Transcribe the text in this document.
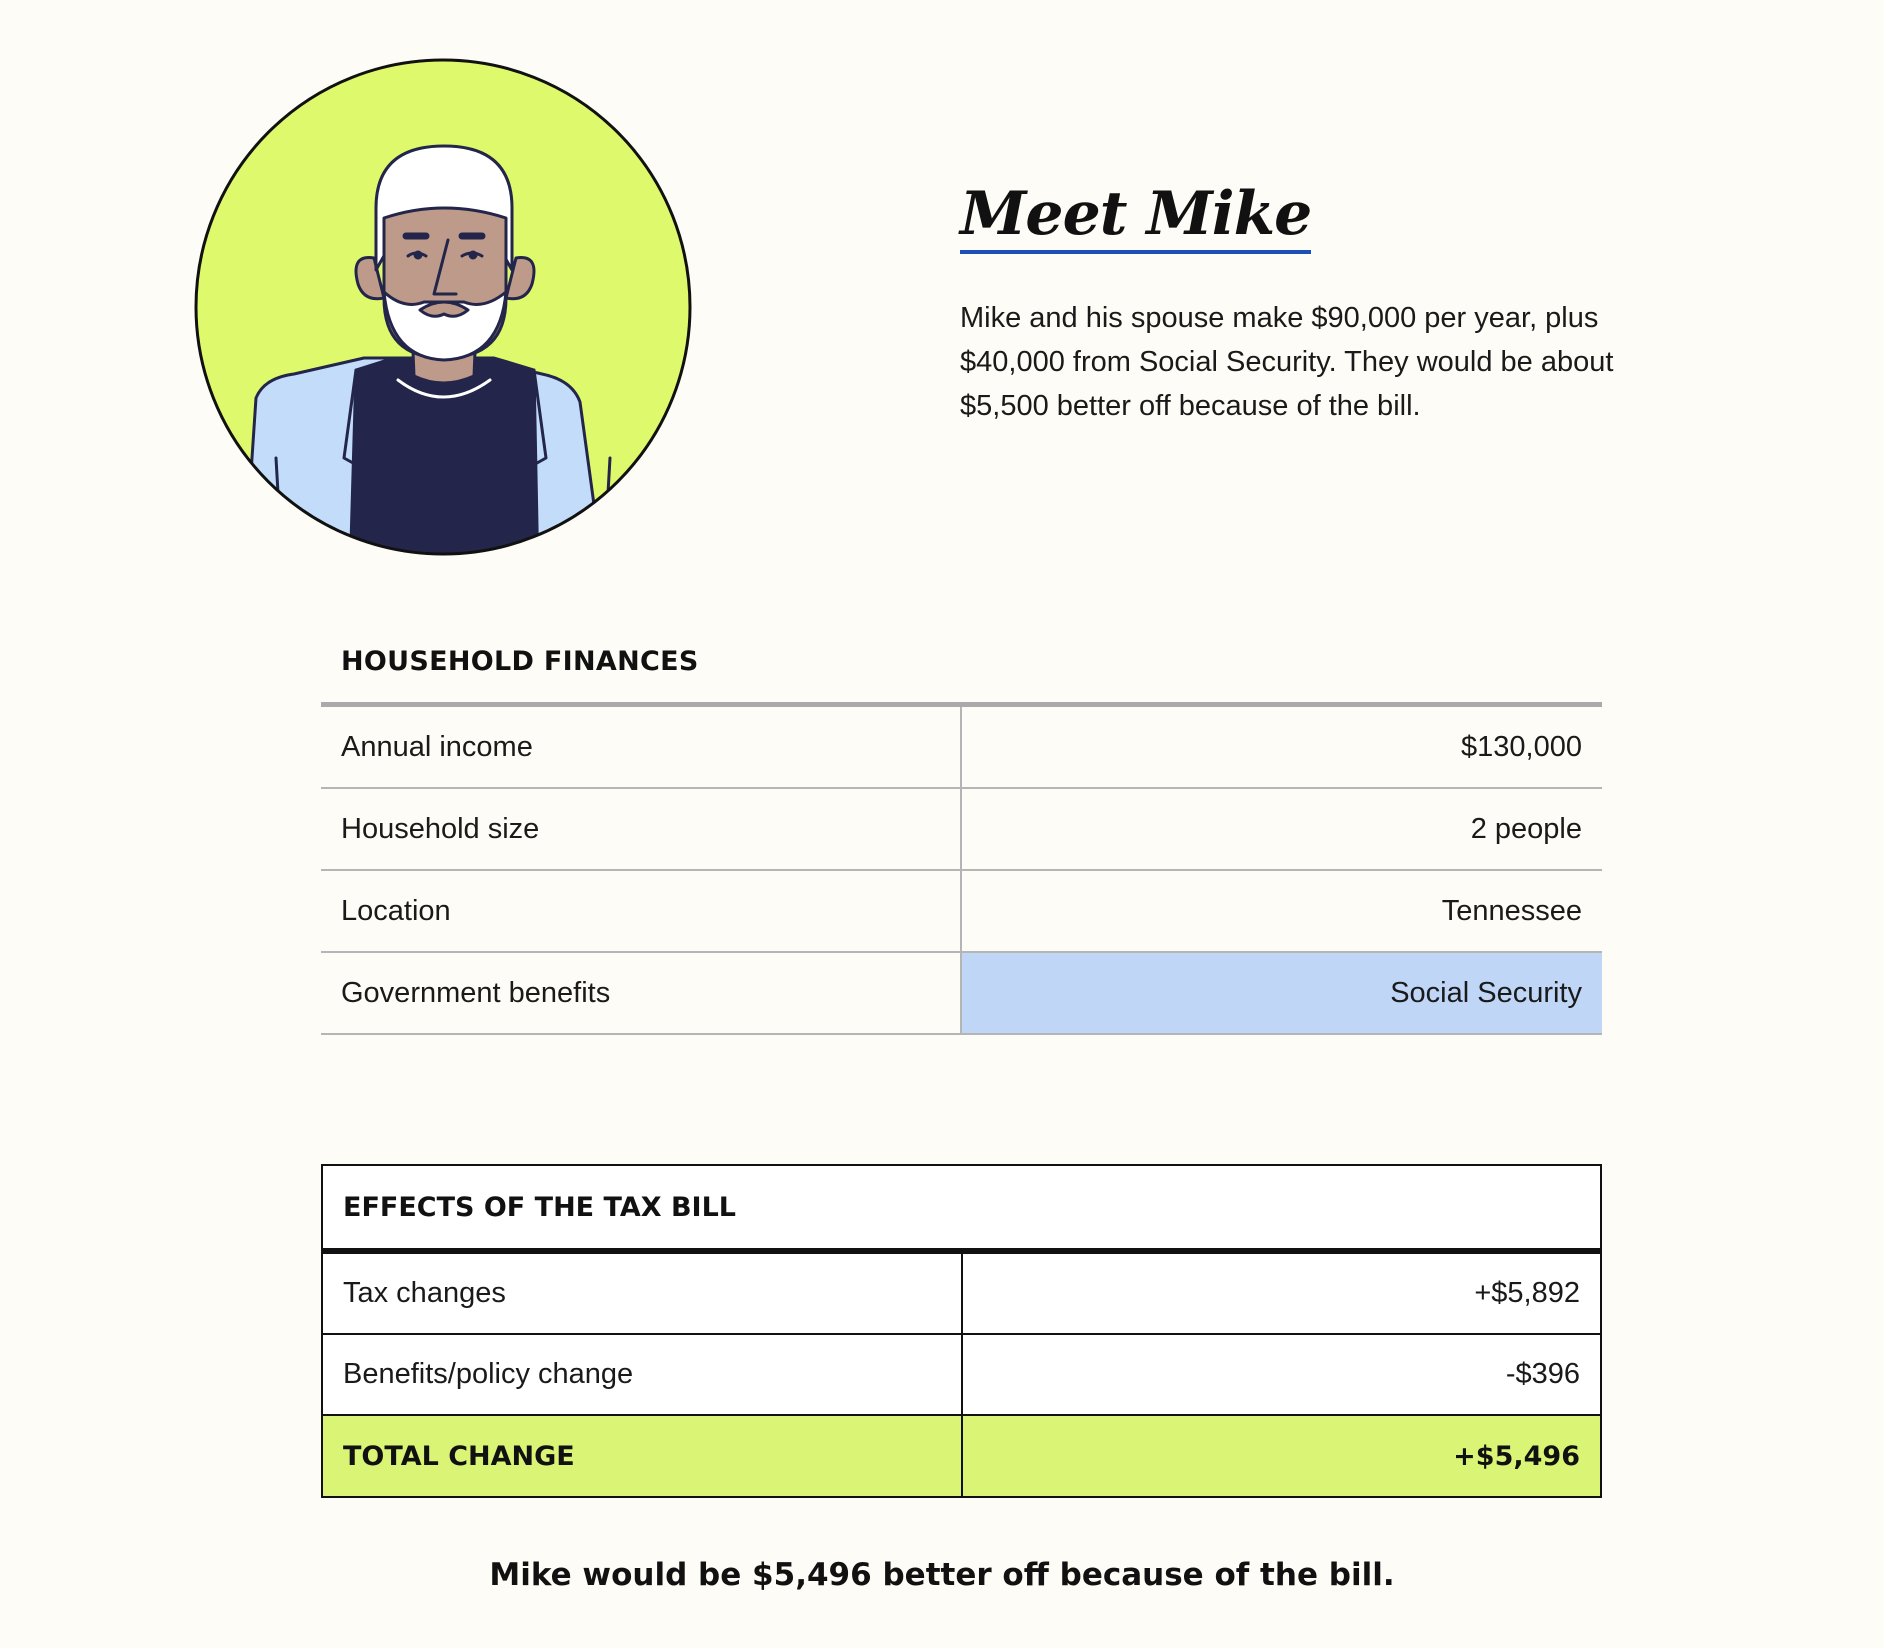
Meet Mike

Mike and his spouse make $90,000 per year, plus $40,000 from Social Security. They would be about $5,500 better off because of the bill.

HOUSEHOLD FINANCES
Annual income	$130,000
Household size	2 people
Location	Tennessee
Government benefits	Social Security
EFFECTS OF THE TAX BILL
Tax changes	+$5,892
Benefits/policy change	-$396
TOTAL CHANGE	+$5,496
Mike would be $5,496 better off because of the bill.
